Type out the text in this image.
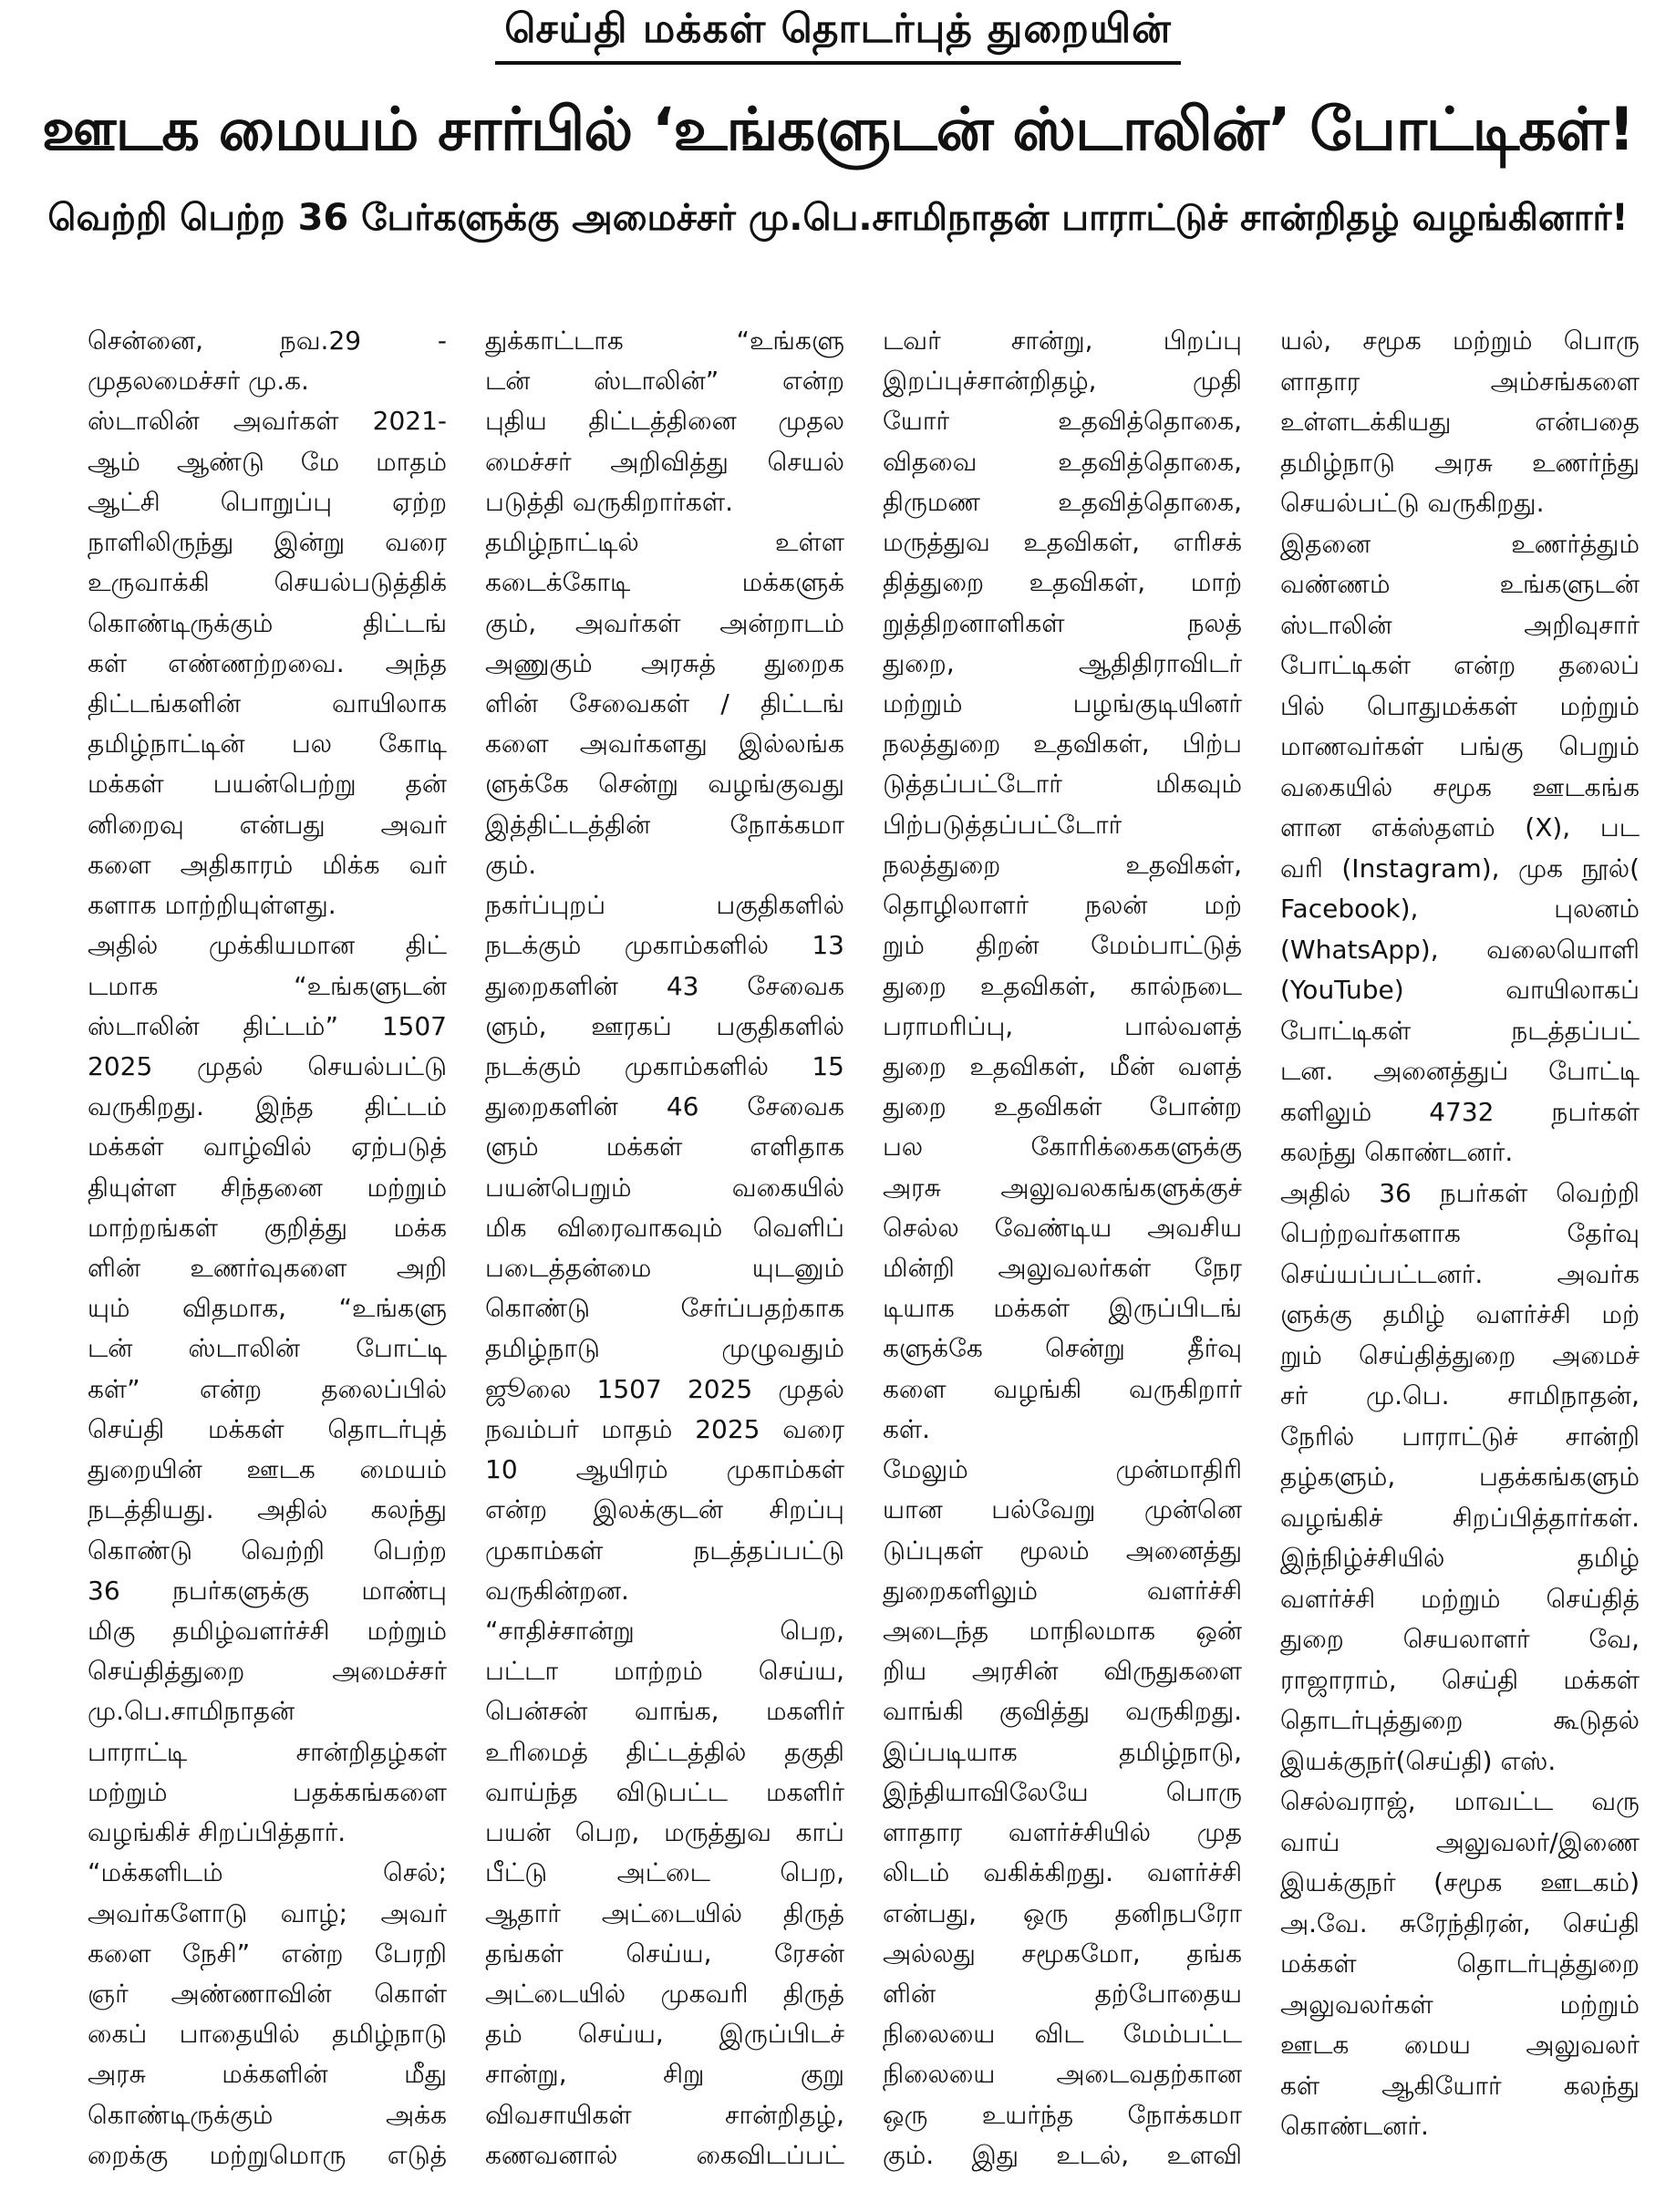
செய்தி மக்கள் தொடர்புத் துறையின்
ஊடக மையம் சார்பில் ‘உங்களுடன் ஸ்டாலின்’ போட்டிகள்!
வெற்றி பெற்ற 36 பேர்களுக்கு அமைச்சர் மு.பெ.சாமிநாதன் பாராட்டுச் சான்றிதழ் வழங்கினார்!
சென்னை, நவ.29 -
முதலமைச்சர் மு.க.
ஸ்டாலின் அவர்கள் 2021-
ஆம் ஆண்டு மே மாதம்
ஆட்சி பொறுப்பு ஏற்ற
நாளிலிருந்து இன்று வரை
உருவாக்கி செயல்படுத்திக்
கொண்டிருக்கும் திட்டங்
கள் எண்ணற்றவை. அந்த
திட்டங்களின் வாயிலாக
தமிழ்நாட்டின் பல கோடி
மக்கள் பயன்பெற்று தன்
னிறைவு என்பது அவர்
களை அதிகாரம் மிக்க வர்
களாக மாற்றியுள்ளது.
அதில் முக்கியமான திட்
டமாக “உங்களுடன்
ஸ்டாலின் திட்டம்” 1507
2025 முதல் செயல்பட்டு
வருகிறது. இந்த திட்டம்
மக்கள் வாழ்வில் ஏற்படுத்
தியுள்ள சிந்தனை மற்றும்
மாற்றங்கள் குறித்து மக்க
ளின் உணர்வுகளை அறி
யும் விதமாக, “உங்களு
டன் ஸ்டாலின் போட்டி
கள்” என்ற தலைப்பில்
செய்தி மக்கள் தொடர்புத்
துறையின் ஊடக மையம்
நடத்தியது. அதில் கலந்து
கொண்டு வெற்றி பெற்ற
36 நபர்களுக்கு மாண்பு
மிகு தமிழ்வளர்ச்சி மற்றும்
செய்தித்துறை அமைச்சர்
மு.பெ.சாமிநாதன்
பாராட்டி சான்றிதழ்கள்
மற்றும் பதக்கங்களை
வழங்கிச் சிறப்பித்தார்.
“மக்களிடம் செல்;
அவர்களோடு வாழ்; அவர்
களை நேசி” என்ற பேரறி
ஞர் அண்ணாவின் கொள்
கைப் பாதையில் தமிழ்நாடு
அரசு மக்களின் மீது
கொண்டிருக்கும் அக்க
றைக்கு மற்றுமொரு எடுத்
துக்காட்டாக “உங்களு
டன் ஸ்டாலின்” என்ற
புதிய திட்டத்தினை முதல
மைச்சர் அறிவித்து செயல்
படுத்தி வருகிறார்கள்.
தமிழ்நாட்டில் உள்ள
கடைக்கோடி மக்களுக்
கும், அவர்கள் அன்றாடம்
அணுகும் அரசுத் துறைக
ளின் சேவைகள் / திட்டங்
களை அவர்களது இல்லங்க
ளுக்கே சென்று வழங்குவது
இத்திட்டத்தின் நோக்கமா
கும்.
நகர்ப்புறப் பகுதிகளில்
நடக்கும் முகாம்களில் 13
துறைகளின் 43 சேவைக
ளும், ஊரகப் பகுதிகளில்
நடக்கும் முகாம்களில் 15
துறைகளின் 46 சேவைக
ளும் மக்கள் எளிதாக
பயன்பெறும் வகையில்
மிக விரைவாகவும் வெளிப்
படைத்தன்மை யுடனும்
கொண்டு சேர்ப்பதற்காக
தமிழ்நாடு முழுவதும்
ஜூலை 1507 2025 முதல்
நவம்பர் மாதம் 2025 வரை
10 ஆயிரம் முகாம்கள்
என்ற இலக்குடன் சிறப்பு
முகாம்கள் நடத்தப்பட்டு
வருகின்றன.
“சாதிச்சான்று பெற,
பட்டா மாற்றம் செய்ய,
பென்சன் வாங்க, மகளிர்
உரிமைத் திட்டத்தில் தகுதி
வாய்ந்த விடுபட்ட மகளிர்
பயன் பெற, மருத்துவ காப்
பீட்டு அட்டை பெற,
ஆதார் அட்டையில் திருத்
தங்கள் செய்ய, ரேசன்
அட்டையில் முகவரி திருத்
தம் செய்ய, இருப்பிடச்
சான்று, சிறு குறு
விவசாயிகள் சான்றிதழ்,
கணவனால் கைவிடப்பட்
டவர் சான்று, பிறப்பு
இறப்புச்சான்றிதழ், முதி
யோர் உதவித்தொகை,
விதவை உதவித்தொகை,
திருமண உதவித்தொகை,
மருத்துவ உதவிகள், எரிசக்
தித்துறை உதவிகள், மாற்
றுத்திறனாளிகள் நலத்
துறை, ஆதிதிராவிடர்
மற்றும் பழங்குடியினர்
நலத்துறை உதவிகள், பிற்ப
டுத்தப்பட்டோர் மிகவும்
பிற்படுத்தப்பட்டோர்
நலத்துறை உதவிகள்,
தொழிலாளர் நலன் மற்
றும் திறன் மேம்பாட்டுத்
துறை உதவிகள், கால்நடை
பராமரிப்பு, பால்வளத்
துறை உதவிகள், மீன் வளத்
துறை உதவிகள் போன்ற
பல கோரிக்கைகளுக்கு
அரசு அலுவலகங்களுக்குச்
செல்ல வேண்டிய அவசிய
மின்றி அலுவலர்கள் நேர
டியாக மக்கள் இருப்பிடங்
களுக்கே சென்று தீர்வு
களை வழங்கி வருகிறார்
கள்.
மேலும் முன்மாதிரி
யான பல்வேறு முன்னெ
டுப்புகள் மூலம் அனைத்து
துறைகளிலும் வளர்ச்சி
அடைந்த மாநிலமாக ஒன்
றிய அரசின் விருதுகளை
வாங்கி குவித்து வருகிறது.
இப்படியாக தமிழ்நாடு,
இந்தியாவிலேயே பொரு
ளாதார வளர்ச்சியில் முத
லிடம் வகிக்கிறது. வளர்ச்சி
என்பது, ஒரு தனிநபரோ
அல்லது சமூகமோ, தங்க
ளின் தற்போதைய
நிலையை விட மேம்பட்ட
நிலையை அடைவதற்கான
ஒரு உயர்ந்த நோக்கமா
கும். இது உடல், உளவி
யல், சமூக மற்றும் பொரு
ளாதார அம்சங்களை
உள்ளடக்கியது என்பதை
தமிழ்நாடு அரசு உணர்ந்து
செயல்பட்டு வருகிறது.
இதனை உணர்த்தும்
வண்ணம் உங்களுடன்
ஸ்டாலின் அறிவுசார்
போட்டிகள் என்ற தலைப்
பில் பொதுமக்கள் மற்றும்
மாணவர்கள் பங்கு பெறும்
வகையில் சமூக ஊடகங்க
ளான எக்ஸ்தளம் (X), பட
வரி (Instagram), முக நூல்(
Facebook), புலனம்
(WhatsApp), வலையொளி
(YouTube) வாயிலாகப்
போட்டிகள் நடத்தப்பட்
டன. அனைத்துப் போட்டி
களிலும் 4732 நபர்கள்
கலந்து கொண்டனர்.
அதில் 36 நபர்கள் வெற்றி
பெற்றவர்களாக தேர்வு
செய்யப்பட்டனர். அவர்க
ளுக்கு தமிழ் வளர்ச்சி மற்
றும் செய்தித்துறை அமைச்
சர் மு.பெ. சாமிநாதன்,
நேரில் பாராட்டுச் சான்றி
தழ்களும், பதக்கங்களும்
வழங்கிச் சிறப்பித்தார்கள்.
இந்நிழ்ச்சியில் தமிழ்
வளர்ச்சி மற்றும் செய்தித்
துறை செயலாளர் வே,
ராஜாராம், செய்தி மக்கள்
தொடர்புத்துறை கூடுதல்
இயக்குநர்(செய்தி) எஸ்.
செல்வராஜ், மாவட்ட வரு
வாய் அலுவலர்/இணை
இயக்குநர் (சமூக ஊடகம்)
அ.வே. சுரேந்திரன், செய்தி
மக்கள் தொடர்புத்துறை
அலுவலர்கள் மற்றும்
ஊடக மைய அலுவலர்
கள் ஆகியோர் கலந்து
கொண்டனர்.
